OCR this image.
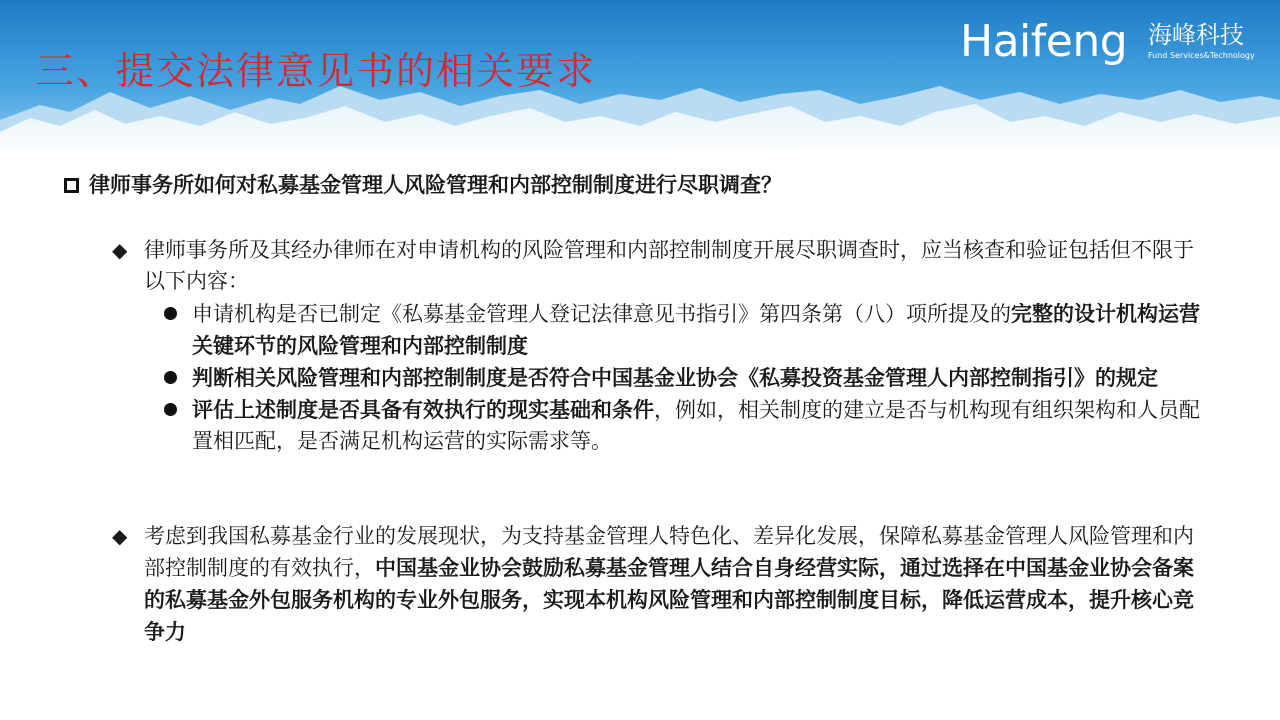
三、提交法律意见书的相关要求
Haifeng 海峰科技
Fund Services&Technology
律师事务所如何对私募基金管理人风险管理和内部控制制度进行尽职调查？
◆ 律师事务所及其经办律师在对申请机构的风险管理和内部控制制度开展尽职调查时，应当核查和验证包括但不限于以下内容：
申请机构是否已制定《私募基金管理人登记法律意见书指引》第四条第（八）项所提及的完整的设计机构运营关键环节的风险管理和内部控制制度
判断相关风险管理和内部控制制度是否符合中国基金业协会《私募投资基金管理人内部控制指引》的规定
评估上述制度是否具备有效执行的现实基础和条件，例如，相关制度的建立是否与机构现有组织架构和人员配置相匹配，是否满足机构运营的实际需求等。
◆ 考虑到我国私募基金行业的发展现状，为支持基金管理人特色化、差异化发展，保障私募基金管理人风险管理和内部控制制度的有效执行，中国基金业协会鼓励私募基金管理人结合自身经营实际，通过选择在中国基金业协会备案的私募基金外包服务机构的专业外包服务，实现本机构风险管理和内部控制制度目标，降低运营成本，提升核心竞争力
